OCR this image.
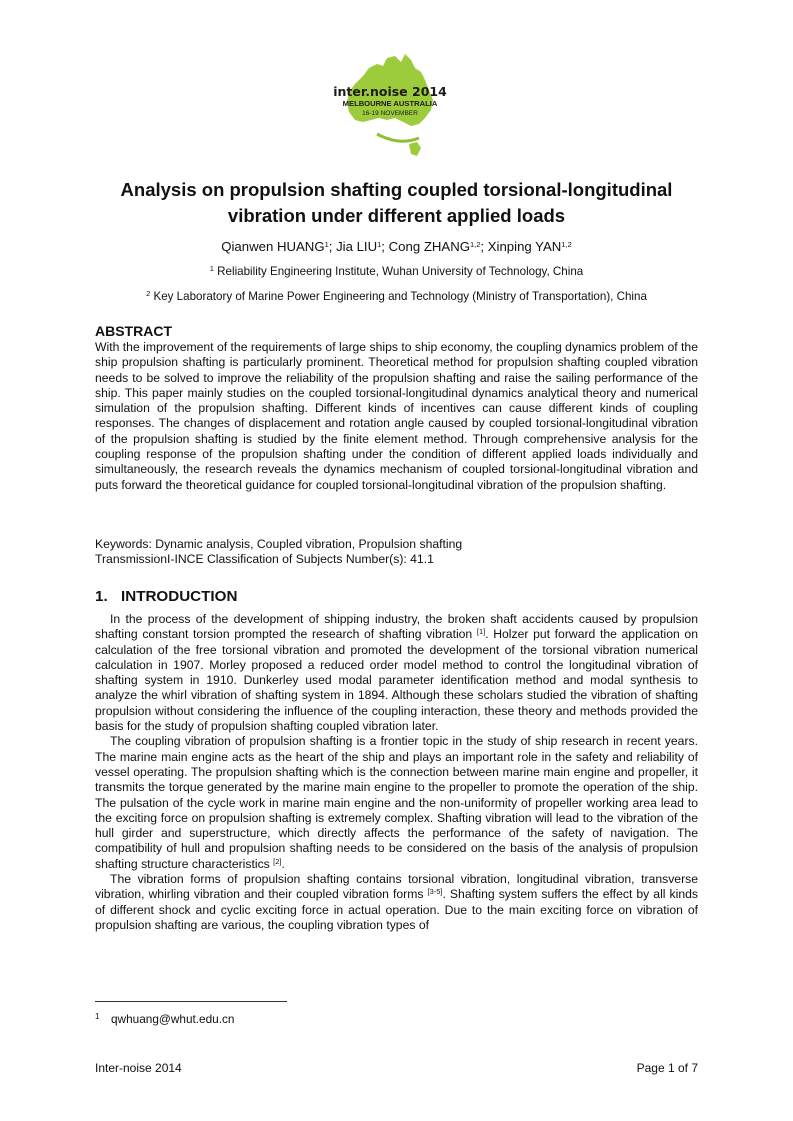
inter.noise 2014
MELBOURNE AUSTRALIA
16-19 NOVEMBER
Analysis on propulsion shafting coupled torsional-longitudinal
vibration under different applied loads

Qianwen HUANG$^1$; Jia LIU$^1$; Cong ZHANG$^{1,2}$; Xinping YAN$^{1,2}$

$^1$ Reliability Engineering Institute, Wuhan University of Technology, China

$^2$ Key Laboratory of Marine Power Engineering and Technology (Ministry of Transportation), China

ABSTRACT

With the improvement of the requirements of large ships to ship economy, the coupling dynamics problem of the ship propulsion shafting is particularly prominent. Theoretical method for propulsion shafting coupled vibration needs to be solved to improve the reliability of the propulsion shafting and raise the sailing performance of the ship. This paper mainly studies on the coupled torsional-longitudinal dynamics analytical theory and numerical simulation of the propulsion shafting. Different kinds of incentives can cause different kinds of coupling responses. The changes of displacement and rotation angle caused by coupled torsional-longitudinal vibration of the propulsion shafting is studied by the finite element method. Through comprehensive analysis for the coupling response of the propulsion shafting under the condition of different applied loads individually and simultaneously, the research reveals the dynamics mechanism of coupled torsional-longitudinal vibration and puts forward the theoretical guidance for coupled torsional-longitudinal vibration of the propulsion shafting.

Keywords: Dynamic analysis, Coupled vibration, Propulsion shafting
TransmissionI-INCE Classification of Subjects Number(s): 41.1

1. INTRODUCTION

In the process of the development of shipping industry, the broken shaft accidents caused by propulsion shafting constant torsion prompted the research of shafting vibration [1]. Holzer put forward the application on calculation of the free torsional vibration and promoted the development of the torsional vibration numerical calculation in 1907. Morley proposed a reduced order model method to control the longitudinal vibration of shafting system in 1910. Dunkerley used modal parameter identification method and modal synthesis to analyze the whirl vibration of shafting system in 1894. Although these scholars studied the vibration of shafting propulsion without considering the influence of the coupling interaction, these theory and methods provided the basis for the study of propulsion shafting coupled vibration later.

The coupling vibration of propulsion shafting is a frontier topic in the study of ship research in recent years. The marine main engine acts as the heart of the ship and plays an important role in the safety and reliability of vessel operating. The propulsion shafting which is the connection between marine main engine and propeller, it transmits the torque generated by the marine main engine to the propeller to promote the operation of the ship. The pulsation of the cycle work in marine main engine and the non-uniformity of propeller working area lead to the exciting force on propulsion shafting is extremely complex. Shafting vibration will lead to the vibration of the hull girder and superstructure, which directly affects the performance of the safety of navigation. The compatibility of hull and propulsion shafting needs to be considered on the basis of the analysis of propulsion shafting structure characteristics [2].

The vibration forms of propulsion shafting contains torsional vibration, longitudinal vibration, transverse vibration, whirling vibration and their coupled vibration forms [3-5]. Shafting system suffers the effect by all kinds of different shock and cyclic exciting force in actual operation. Due to the main exciting force on vibration of propulsion shafting are various, the coupling vibration types of

1 qwhuang@whut.edu.cn

Inter-noise 2014	Page 1 of 7
